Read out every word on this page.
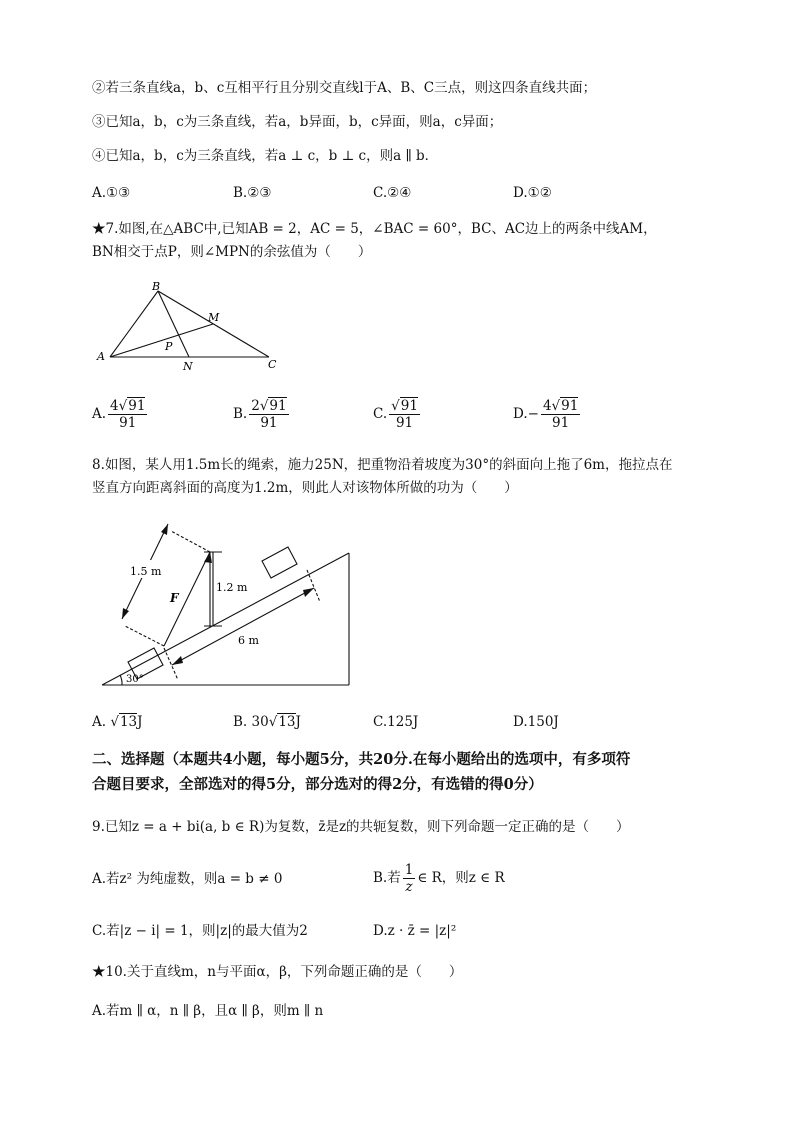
②若三条直线a，b、c互相平行且分别交直线l于A、B、C三点，则这四条直线共面；
③已知a，b，c为三条直线，若a，b异面，b，c异面，则a，c异面；
④已知a，b，c为三条直线，若a ⊥ c，b ⊥ c，则a ∥ b．
A.①③	B.②③	C.②④	D.①②
★7.如图,在△ABC中,已知AB = 2，AC = 5，∠BAC = 60°，BC、AC边上的两条中线AM，
BN相交于点P，则∠MPN的余弦值为（　　）
B
A
C
M
N
P
A. $\frac{4√91}{91}$	B. $\frac{2√91}{91}$	C. $\frac{√91}{91}$	$D.- \frac{4√91}{91}$
8.如图，某人用1.5m长的绳索，施力25N，把重物沿着坡度为30°的斜面向上拖了6m，拖拉点在
竖直方向距离斜面的高度为1.2m，则此人对该物体所做的功为（　　）
1.5 m
1.2 m
6 m
F
30°
A. √13J	B. 30√13J	C.125J	D.150J
二、选择题（本题共4小题，每小题5分，共20分.在每小题给出的选项中，有多项符
合题目要求，全部选对的得5分，部分选对的得2分，有选错的得0分）
9.已知z = a + bi(a, b ∈ R)为复数，z̄是z的共轭复数，则下列命题一定正确的是（　　）
A.若z² 为纯虚数，则a = b ≠ 0	B.若 $\frac{1}{z}$ ∈ R，则z ∈ R
C.若|z − i| = 1，则|z|的最大值为2	D.z · z̄ = |z|²
★10.关于直线m，n与平面α，β，下列命题正确的是（　　）
A.若m ∥ α，n ∥ β，且α ∥ β，则m ∥ n
